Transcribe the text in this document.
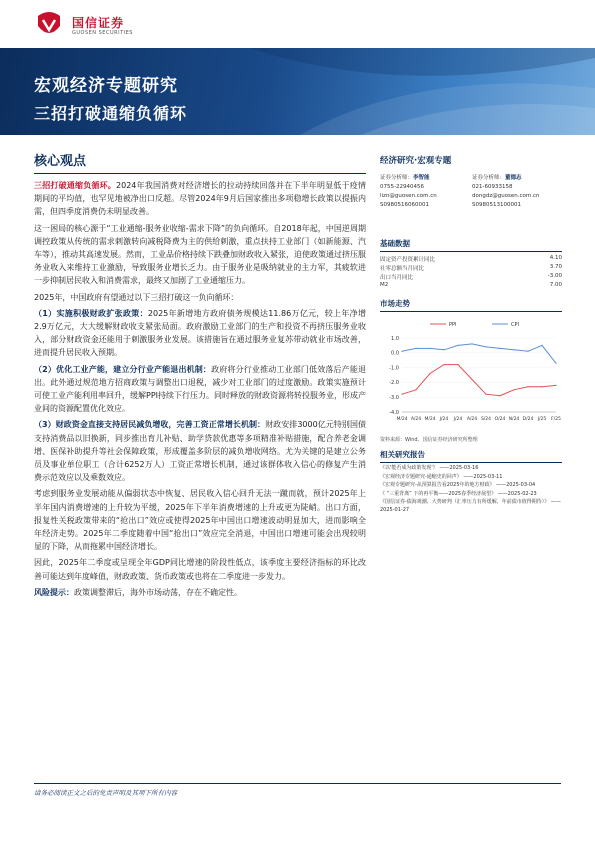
国信证券
GUOSEN SECURITIES
宏观经济专题研究
三招打破通缩负循环
核心观点

三招打破通缩负循环。2024年我国消费对经济增长的拉动持续回落并在下半年明显低于疫情期间的平均值，也罕见地被净出口反超。尽管2024年9月后国家推出多项稳增长政策以提振内需，但四季度消费仍未明显改善。

这一困局的核心源于“工业通缩-服务业收缩-需求下降”的负向循环。自2018年起，中国逆周期调控政策从传统的需求刺激转向减税降费为主的供给刺激，重点扶持工业部门（如新能源、汽车等），推动其高速发展。然而，工业品价格持续下跌叠加财政收入紧张，迫使政策通过挤压服务业收入来维持工业激励，导致服务业增长乏力。由于服务业是吸纳就业的主力军，其疲软进一步抑制居民收入和消费需求，最终又加剧了工业通缩压力。

2025年，中国政府有望通过以下三招打破这一负向循环：

（1）实施积极财政扩张政策：2025年新增地方政府债务规模达11.86万亿元，较上年净增2.9万亿元，大大缓解财政收支紧张局面。政府激励工业部门的生产和投资不再挤压服务业收入，部分财政资金还能用于刺激服务业发展。该措施旨在通过服务业复苏带动就业市场改善，进而提升居民收入预期。

（2）优化工业产能，建立分行业产能退出机制：政府将分行业推动工业部门低效落后产能退出。此外通过规范地方招商政策与调整出口退税，减少对工业部门的过度激励。政策实施预计可使工业产能利用率回升，缓解PPI持续下行压力。同时释放的财政资源将转投服务业，形成产业间的资源配置优化效应。

（3）财政资金直接支持居民减负增收，完善工资正常增长机制：财政安排3000亿元特别国债支持消费品以旧换新，同步推出育儿补贴、助学贷款优惠等多项精准补贴措施，配合养老金调增、医保补助提升等社会保障政策，形成覆盖多阶层的减负增收网络。尤为关键的是建立公务员及事业单位职工（合计6252万人）工资正常增长机制，通过该群体收入信心的修复产生消费示范效应以及乘数效应。

考虑到服务业发展动能从偏弱状态中恢复、居民收入信心回升无法一蹴而就，预计2025年上半年国内消费增速的上升较为平缓，2025年下半年消费增速的上升或更为陡峭。出口方面，报复性关税政策带来的“抢出口”效应或使得2025年中国出口增速波动明显加大，进而影响全年经济走势。2025年二季度随着中国“抢出口”效应完全消退，中国出口增速可能会出现较明显的下降，从而拖累中国经济增长。

因此，2025年二季度或呈现全年GDP同比增速的阶段性低点，该季度主要经济指标的环比改善可能达到年度峰值，财政政策、货币政策或也将在二季度进一步发力。

风险提示：政策调整滞后，海外市场动荡，存在不确定性。

经济研究·宏观专题
证券分析师：李智能
0755-22940456
lizn@guosen.com.cn
S0980516060001
证券分析师：董德志
021-60933158
dongdz@guosen.com.cn
S0980513100001
基础数据
固定资产投资累计同比	4.10
社零总额当月同比	3.70
出口当月同比	-3.00
M2	7.00
市场走势
PPI	CPI
1.0
0.0
-1.0
-2.0
-3.0
-4.0
M/24 A/24 M/24 J/24 J/24 A/24 S/24 O/24 N/24 D/24 J/25 F/25
资料来源：Wind、国信证券经济研究所整理
相关研究报告
《以'能否成为政策发现'》 ——2025-03-16
《宏观经济专题研究-通缩史的回声》 ——2025-03-11
《宏观专题研究-从预算报告看2025年的地方财政》 ——2025-03-04
《 “三重背离” 下的再平衡——2025春季经济展望》 ——2025-02-23
《国信证券-债海观潮、大势研判（汇率压力有所缓解，年前债市值得期待）》 ——2025-01-27
请务必阅读正文之后的免责声明及其项下所有内容
